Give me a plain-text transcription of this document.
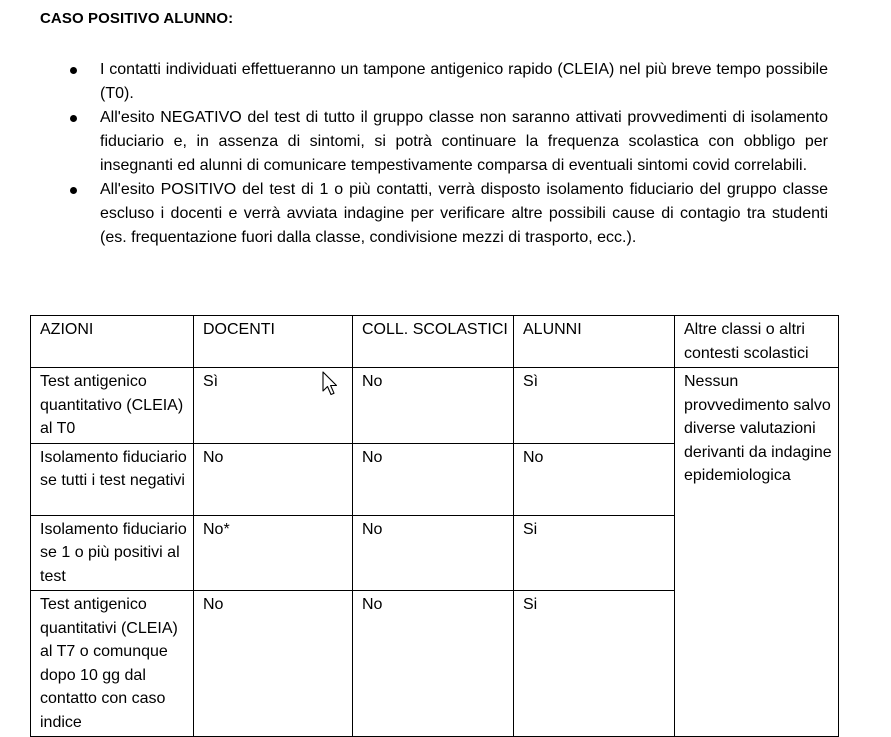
CASO POSITIVO ALUNNO:
I contatti individuati effettueranno un tampone antigenico rapido (CLEIA) nel più breve tempo possibile (T0).
All'esito NEGATIVO del test di tutto il gruppo classe non saranno attivati provvedimenti di isolamento fiduciario e, in assenza di sintomi, si potrà continuare la frequenza scolastica con obbligo per insegnanti ed alunni di comunicare tempestivamente comparsa di eventuali sintomi covid correlabili.
All'esito POSITIVO del test di 1 o più contatti, verrà disposto isolamento fiduciario del gruppo classe escluso i docenti e verrà avviata indagine per verificare altre possibili cause di contagio tra studenti (es. frequentazione fuori dalla classe, condivisione mezzi di trasporto, ecc.).
AZIONI	DOCENTI	COLL. SCOLASTICI	ALUNNI	Altre classi o altri contesti scolastici
Test antigenico quantitativo (CLEIA) al T0	Sì	No	Sì	Nessun provvedimento salvo diverse valutazioni derivanti da indagine epidemiologica
Isolamento fiduciario se tutti i test negativi	No	No	No	
Isolamento fiduciario se 1 o più positivi al test	No*	No	Si	
Test antigenico quantitativi (CLEIA) al T7 o comunque dopo 10 gg dal contatto con caso indice	No	No	Si	
